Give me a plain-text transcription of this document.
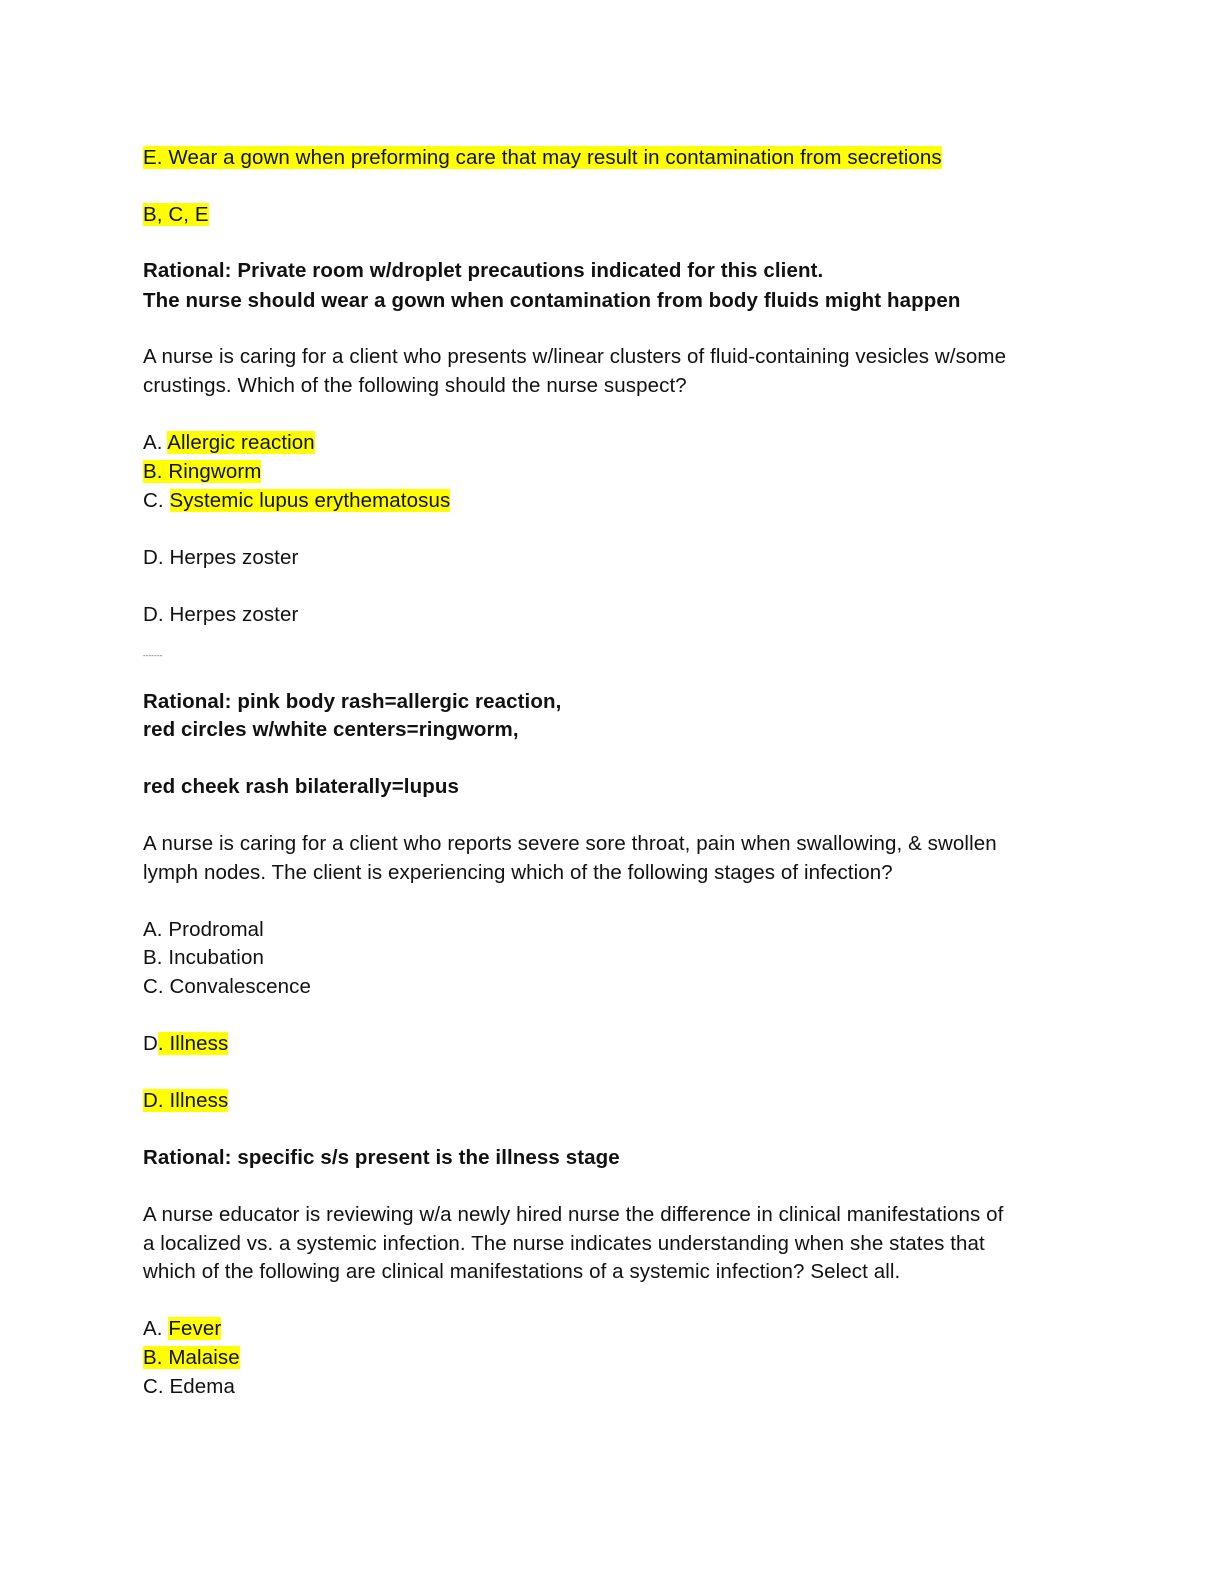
E. Wear a gown when preforming care that may result in contamination from secretions
B, C, E
Rational: Private room w/droplet precautions indicated for this client.
The nurse should wear a gown when contamination from body fluids might happen
A nurse is caring for a client who presents w/linear clusters of fluid-containing vesicles w/some
crustings. Which of the following should the nurse suspect?
A. Allergic reaction
B. Ringworm
C. Systemic lupus erythematosus
D. Herpes zoster
D. Herpes zoster
-------
Rational: pink body rash=allergic reaction,
red circles w/white centers=ringworm,
red cheek rash bilaterally=lupus
A nurse is caring for a client who reports severe sore throat, pain when swallowing, & swollen
lymph nodes. The client is experiencing which of the following stages of infection?
A. Prodromal
B. Incubation
C. Convalescence
D. Illness
D. Illness
Rational: specific s/s present is the illness stage
A nurse educator is reviewing w/a newly hired nurse the difference in clinical manifestations of
a localized vs. a systemic infection. The nurse indicates understanding when she states that
which of the following are clinical manifestations of a systemic infection? Select all.
A. Fever
B. Malaise
C. Edema
